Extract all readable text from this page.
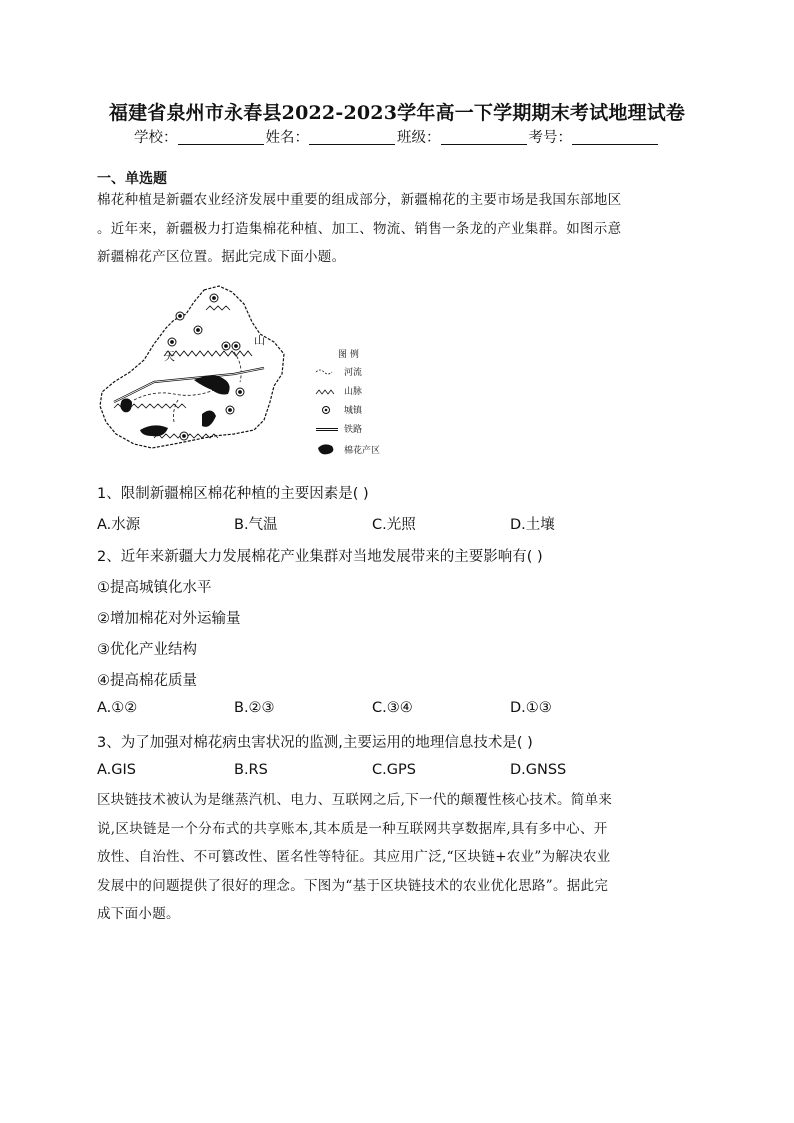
福建省泉州市永春县2022-2023学年高一下学期期末考试地理试卷
学校：	姓名：	班级：	考号：
一、单选题
棉花种植是新疆农业经济发展中重要的组成部分，新疆棉花的主要市场是我国东部地区
。近年来，新疆极力打造集棉花种植、加工、物流、销售一条龙的产业集群。如图示意
新疆棉花产区位置。据此完成下面小题。
天
山
图 例
河流
山脉
城镇
铁路
棉花产区
1、限制新疆棉区棉花种植的主要因素是( )
A.水源	B.气温	C.光照	D.土壤
2、近年来新疆大力发展棉花产业集群对当地发展带来的主要影响有( )
①提高城镇化水平
②增加棉花对外运输量
③优化产业结构
④提高棉花质量
A.①②	B.②③	C.③④	D.①③
3、为了加强对棉花病虫害状况的监测,主要运用的地理信息技术是( )
A.GIS	B.RS	C.GPS	D.GNSS
区块链技术被认为是继蒸汽机、电力、互联网之后,下一代的颠覆性核心技术。简单来
说,区块链是一个分布式的共享账本,其本质是一种互联网共享数据库,具有多中心、开
放性、自治性、不可篡改性、匿名性等特征。其应用广泛,“区块链+农业”为解决农业
发展中的问题提供了很好的理念。下图为“基于区块链技术的农业优化思路”。据此完
成下面小题。
